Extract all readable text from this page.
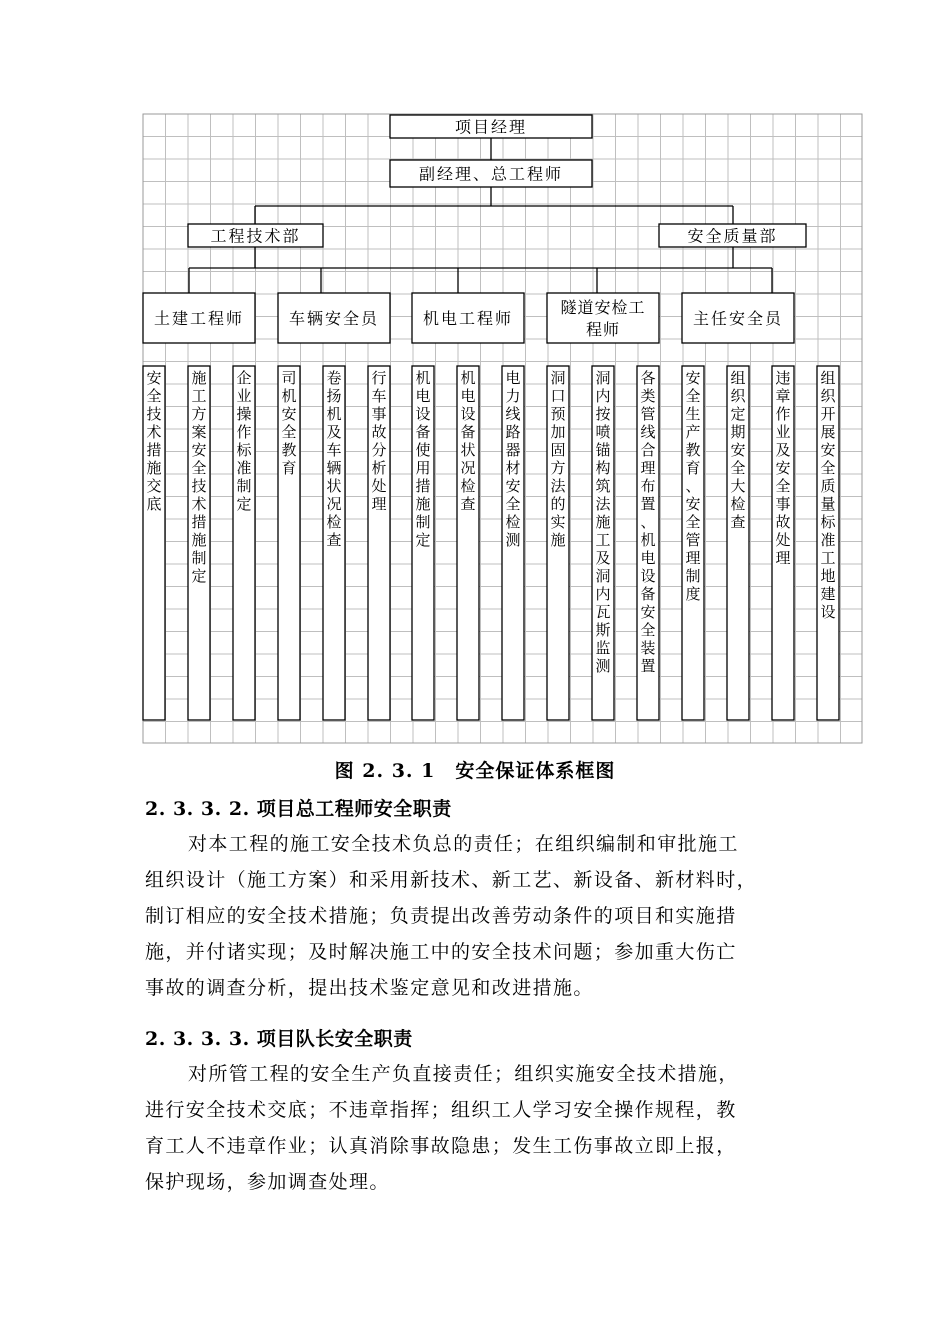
项目经理
副经理、总工程师
工程技术部	安全质量部
土建工程师	车辆安全员	机电工程师
隧道安检工
程师
主任安全员
安全技术措施交底
施工方案安全技术措施制定
企业操作标准制定
司机安全教育
卷扬机及车辆状况检查
行车事故分析处理
机电设备使用措施制定
机电设备状况检查
电力线路器材安全检测
洞口预加固方法的实施
洞内按喷锚构筑法施工及洞内瓦斯监测
各类管线合理布置、机电设备安全装置
安全生产教育、安全管理制度
组织定期安全大检查
违章作业及安全事故处理
组织开展安全质量标准工地建设
图 2. 3. 1　安全保证体系框图
2. 3. 3. 2. 项目总工程师安全职责
对本工程的施工安全技术负总的责任；在组织编制和审批施工
组织设计（施工方案）和采用新技术、新工艺、新设备、新材料时，
制订相应的安全技术措施；负责提出改善劳动条件的项目和实施措
施，并付诸实现；及时解决施工中的安全技术问题；参加重大伤亡
事故的调查分析，提出技术鉴定意见和改进措施。
2. 3. 3. 3. 项目队长安全职责
对所管工程的安全生产负直接责任；组织实施安全技术措施，
进行安全技术交底；不违章指挥；组织工人学习安全操作规程，教
育工人不违章作业；认真消除事故隐患；发生工伤事故立即上报，
保护现场，参加调查处理。
